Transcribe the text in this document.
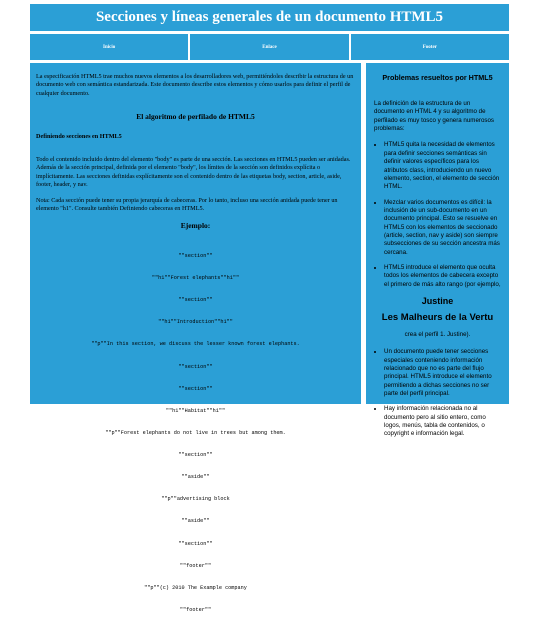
Secciones y líneas generales de un documento HTML5
Inicio	Enlace	Footer

La especificación HTML5 trae muchos nuevos elementos a los desarrolladores web, permitiéndoles describir la estructura de un documento web con semántica estandarizada. Este documento describe estos elementos y cómo usarlos para definir el perfil de cualquier documento.

El algoritmo de perfilado de HTML5
Definiendo secciones en HTML5

Todo el contenido incluido dentro del elemento "body" es parte de una sección. Las secciones en HTML5 pueden ser anidadas. Además de la sección principal, definida por el elemento "body", los límites de la sección son definidos explícita o implícitamente. Las secciones definidas explícitamente son el contenido dentro de las etiquetas body, section, article, aside, footer, header, y nav.

Nota: Cada sección puede tener su propia jerarquía de cabeceras. Por lo tanto, incluso una sección anidada puede tener un elemento "h1". Consulte también Definiendo cabeceras en HTML5.

Ejemplo:

""section""

""h1""Forest elephants""h1""

""section""

""h1""Introduction""h1""

""p""In this section, we discuss the lesser known forest elephants.

""section""

""section""

""h1""Habitat""h1""

""p""Forest elephants do not live in trees but among them.

""section""

""aside""

""p""advertising block

""aside""

""section""

""footer""

""p""(c) 2010 The Example company

""footer""

Problemas resueltos por HTML5

La definición de la estructura de un documento en HTML 4 y su algoritmo de perfilado es muy tosco y genera numerosos problemas:

• HTML5 quita la necesidad de elementos para definir secciones semánticas sin definir valores específicos para los atributos class, introduciendo un nuevo elemento, section, el elemento de sección HTML.
• Mezclar varios documentos es difícil: la inclusión de un sub-documento en un documento principal. Esto se resuelve en HTML5 con los elementos de seccionado (article, section, nav y aside) son siempre subsecciones de su sección ancestra más cercana.
• HTML5 introduce el elemento que oculta todos los elementos de cabecera excepto el primero de más alto rango (por ejemplo,
Justine
Les Malheurs de la Vertu
crea el perfil 1. Justine).
• Un documento puede tener secciones especiales conteniendo información relacionado que no es parte del flujo principal. HTML5 introduce el elemento permitiendo a dichas secciones no ser parte del perfil principal.
• Hay información relacionada no al documento pero al sitio entero, como logos, menús, tabla de contenidos, o copyright e información legal.
